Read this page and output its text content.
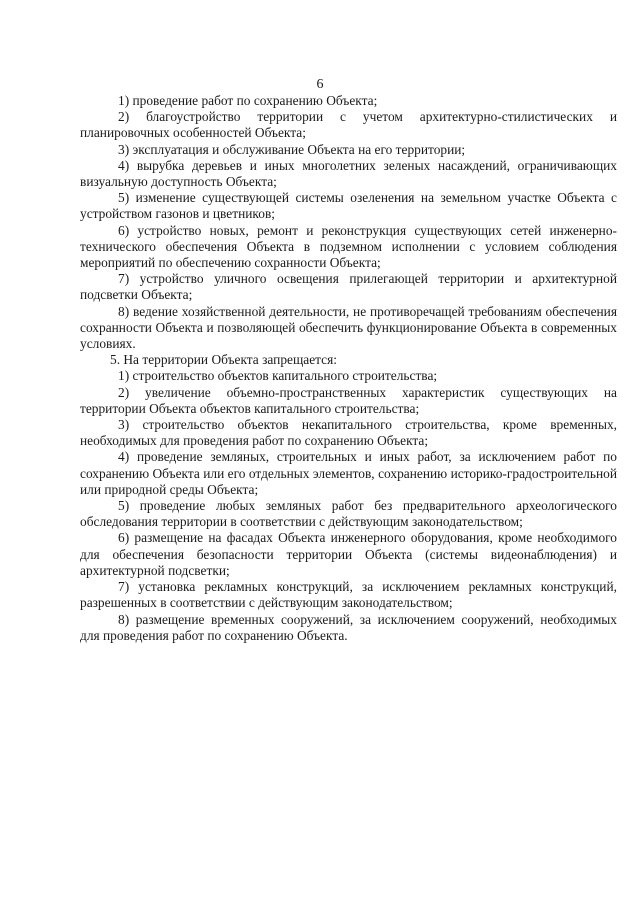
6

1) проведение работ по сохранению Объекта;

2) благоустройство территории с учетом архитектурно-стилистических и планировочных особенностей Объекта;

3) эксплуатация и обслуживание Объекта на его территории;

4) вырубка деревьев и иных многолетних зеленых насаждений, ограничивающих визуальную доступность Объекта;

5) изменение существующей системы озеленения на земельном участке Объекта с устройством газонов и цветников;

6) устройство новых, ремонт и реконструкция существующих сетей инженерно-технического обеспечения Объекта в подземном исполнении с условием соблюдения мероприятий по обеспечению сохранности Объекта;

7) устройство уличного освещения прилегающей территории и архитектурной подсветки Объекта;

8) ведение хозяйственной деятельности, не противоречащей требованиям обеспечения сохранности Объекта и позволяющей обеспечить функционирование Объекта в современных условиях.

5. На территории Объекта запрещается:

1) строительство объектов капитального строительства;

2) увеличение объемно-пространственных характеристик существующих на территории Объекта объектов капитального строительства;

3) строительство объектов некапитального строительства, кроме временных, необходимых для проведения работ по сохранению Объекта;

4) проведение земляных, строительных и иных работ, за исключением работ по сохранению Объекта или его отдельных элементов, сохранению историко-градостроительной или природной среды Объекта;

5) проведение любых земляных работ без предварительного археологического обследования территории в соответствии с действующим законодательством;

6) размещение на фасадах Объекта инженерного оборудования, кроме необходимого для обеспечения безопасности территории Объекта (системы видеонаблюдения) и архитектурной подсветки;

7) установка рекламных конструкций, за исключением рекламных конструкций, разрешенных в соответствии с действующим законодательством;

8) размещение временных сооружений, за исключением сооружений, необходимых для проведения работ по сохранению Объекта.
